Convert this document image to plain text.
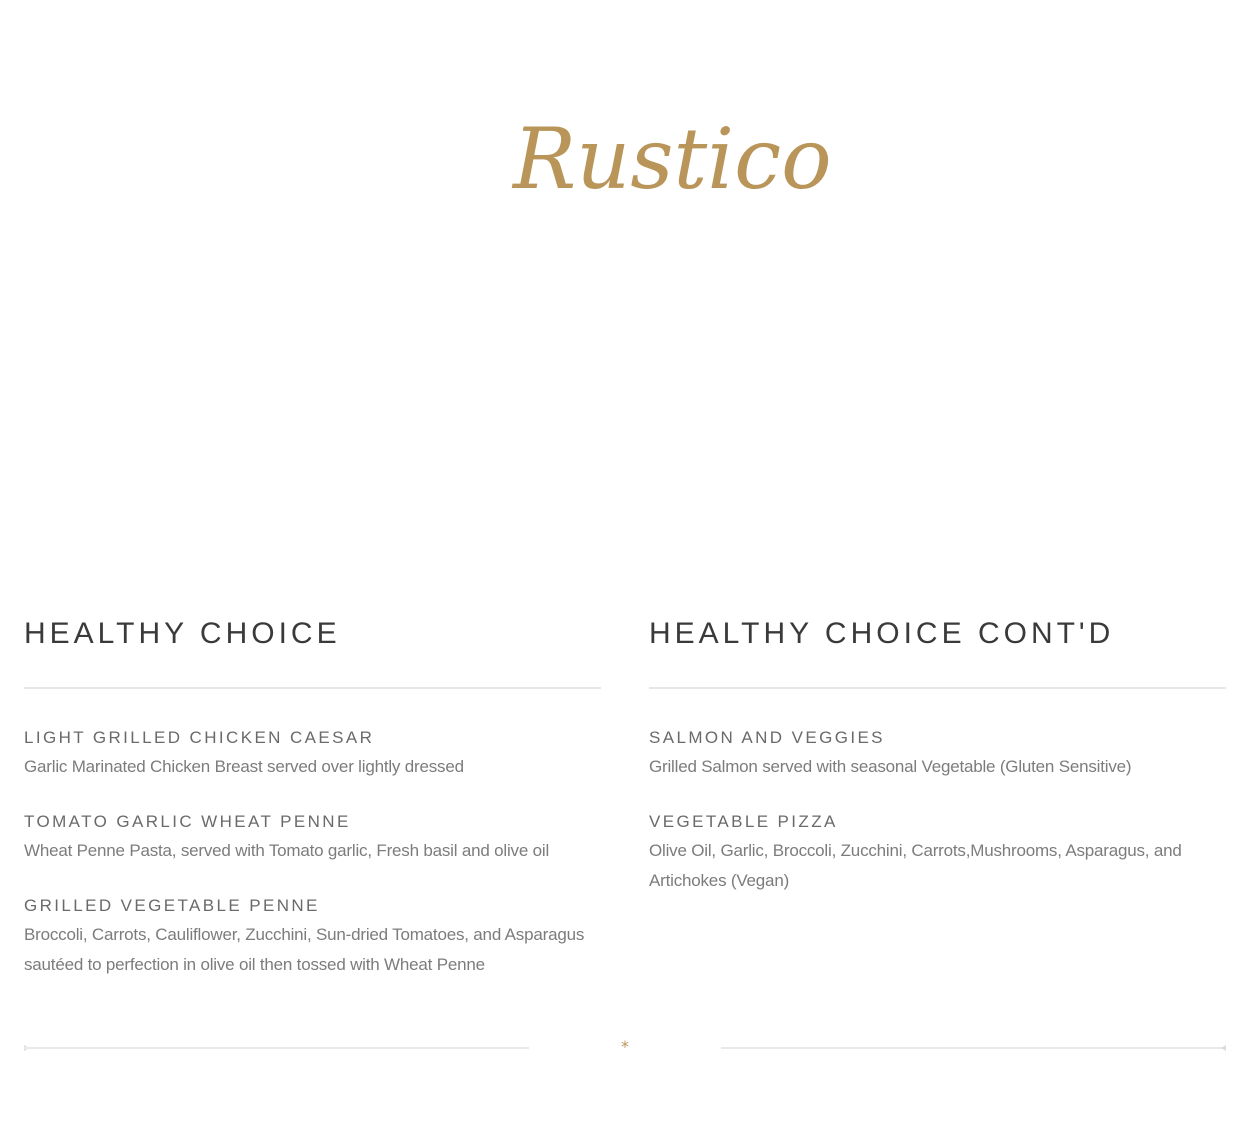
Rustico
HEALTHY CHOICE
LIGHT GRILLED CHICKEN CAESAR
Garlic Marinated Chicken Breast served over lightly dressed
TOMATO GARLIC WHEAT PENNE
Wheat Penne Pasta, served with Tomato garlic, Fresh basil and olive oil
GRILLED VEGETABLE PENNE
Broccoli, Carrots, Cauliflower, Zucchini, Sun-dried Tomatoes, and Asparagus sautéed to perfection in olive oil then tossed with Wheat Penne
HEALTHY CHOICE CONT'D
SALMON AND VEGGIES
Grilled Salmon served with seasonal Vegetable (Gluten Sensitive)
VEGETABLE PIZZA
Olive Oil, Garlic, Broccoli, Zucchini, Carrots,Mushrooms, Asparagus, and Artichokes (Vegan)
*
